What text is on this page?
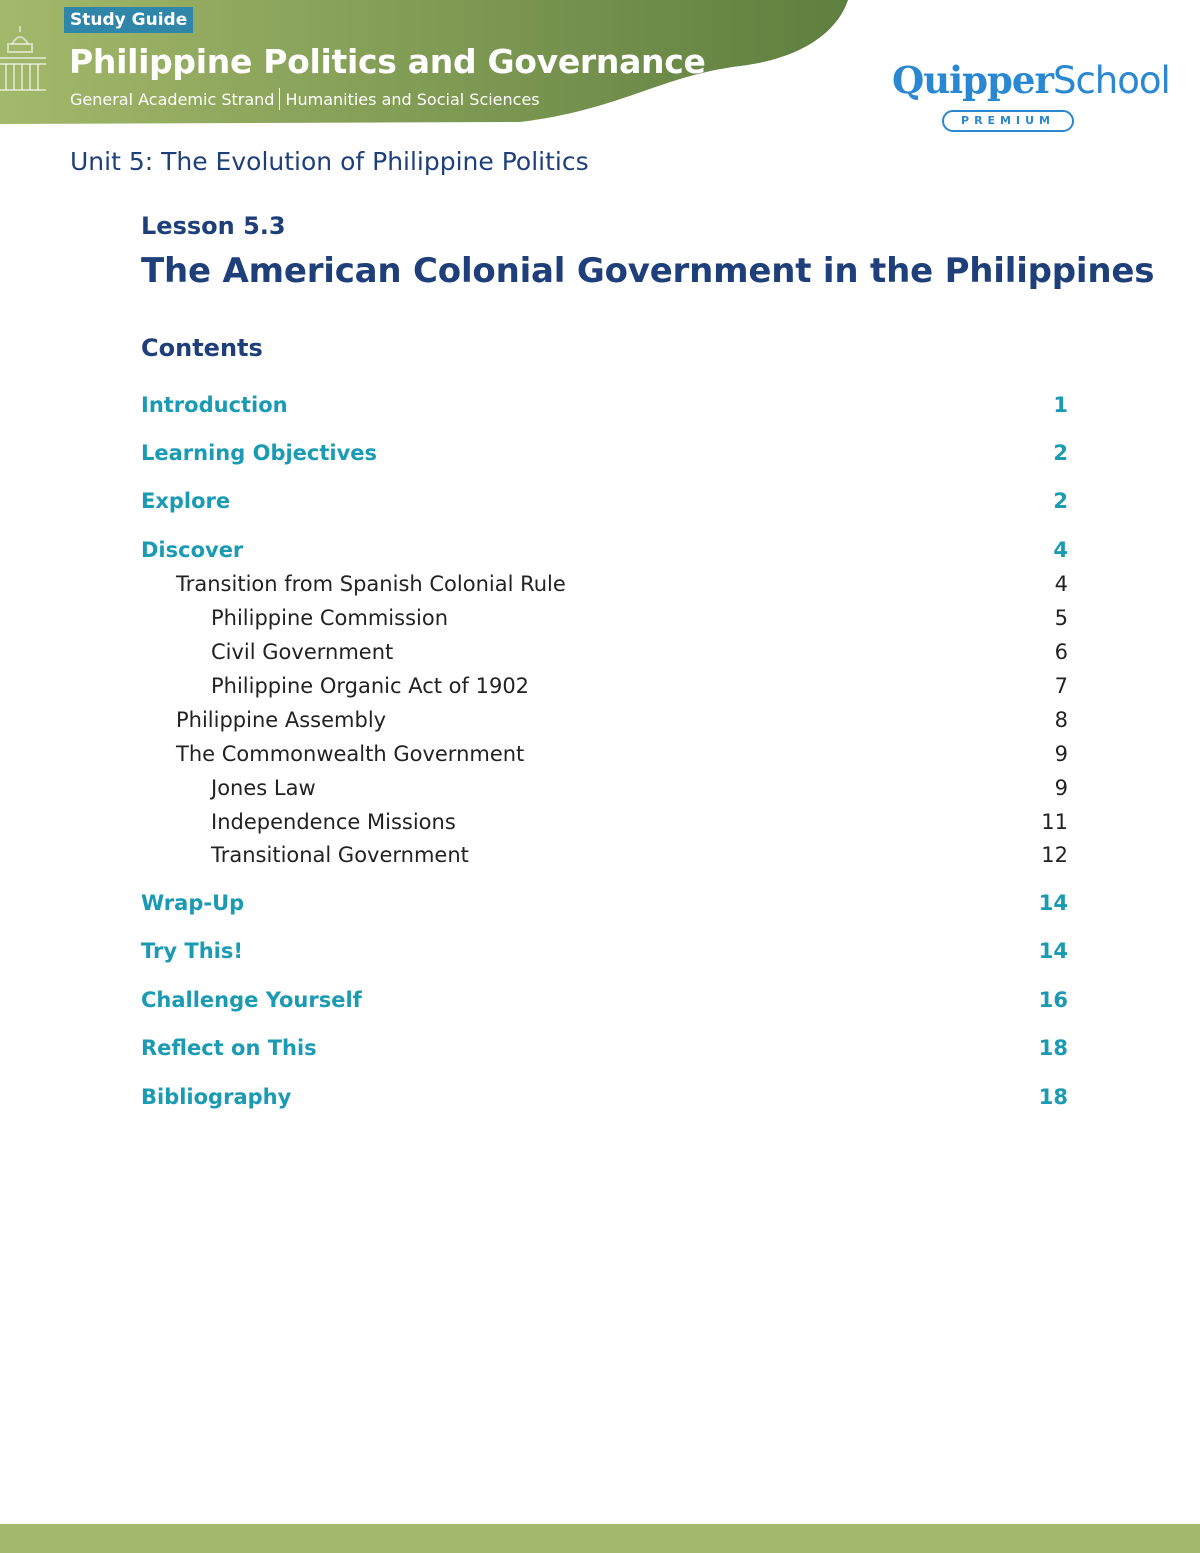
Study Guide
Philippine Politics and Governance
General Academic Strand Humanities and Social Sciences	QuipperSchool
PREMIUM
Unit 5: The Evolution of Philippine Politics
Lesson 5.3
The American Colonial Government in the Philippines
Contents
Introduction	1
Learning Objectives	2
Explore	2
Discover	4
Transition from Spanish Colonial Rule	4
Philippine Commission	5
Civil Government	6
Philippine Organic Act of 1902	7
Philippine Assembly	8
The Commonwealth Government	9
Jones Law	9
Independence Missions	11
Transitional Government	12
Wrap-Up	14
Try This!	14
Challenge Yourself	16
Reflect on This	18
Bibliography	18
